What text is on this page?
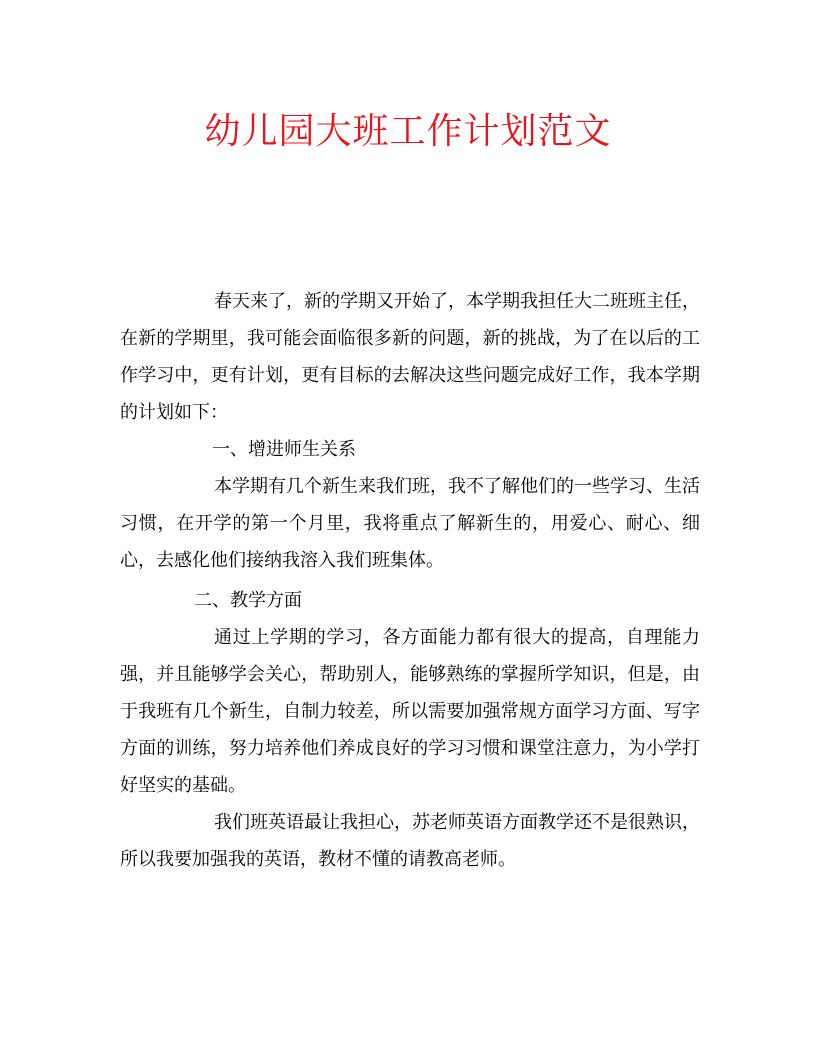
幼儿园大班工作计划范文

春天来了，新的学期又开始了，本学期我担任大二班班主任，在新的学期里，我可能会面临很多新的问题，新的挑战，为了在以后的工作学习中，更有计划，更有目标的去解决这些问题完成好工作，我本学期的计划如下：

一、增进师生关系

本学期有几个新生来我们班，我不了解他们的一些学习、生活习惯，在开学的第一个月里，我将重点了解新生的，用爱心、耐心、细心，去感化他们接纳我溶入我们班集体。

二、教学方面

通过上学期的学习，各方面能力都有很大的提高，自理能力强，并且能够学会关心，帮助别人，能够熟练的掌握所学知识，但是，由于我班有几个新生，自制力较差，所以需要加强常规方面学习方面、写字方面的训练，努力培养他们养成良好的学习习惯和课堂注意力，为小学打好坚实的基础。

我们班英语最让我担心，苏老师英语方面教学还不是很熟识，所以我要加强我的英语，教材不懂的请教高老师。
